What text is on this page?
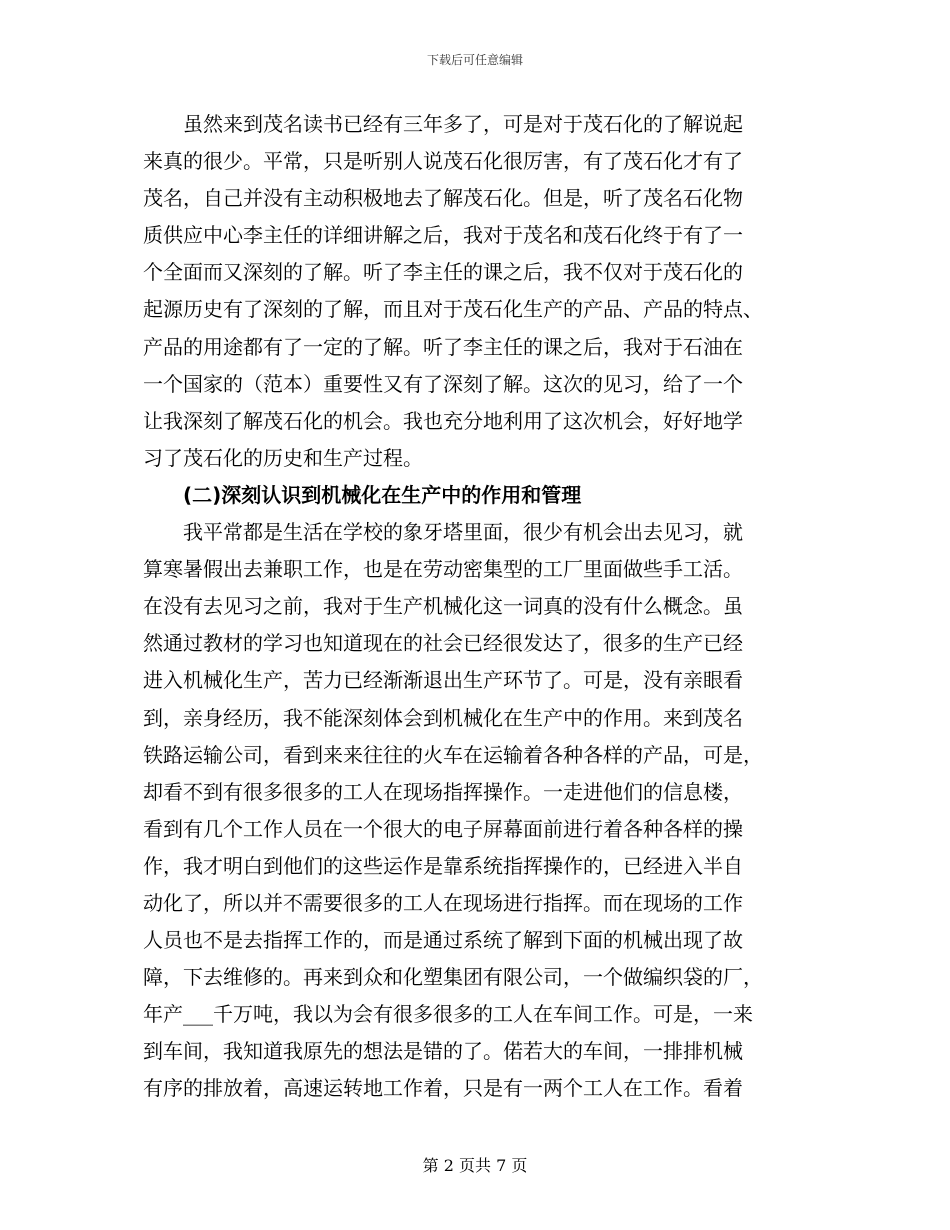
下载后可任意编辑
　　虽然来到茂名读书已经有三年多了，可是对于茂石化的了解说起
来真的很少。平常，只是听别人说茂石化很厉害，有了茂石化才有了
茂名，自己并没有主动积极地去了解茂石化。但是，听了茂名石化物
质供应中心李主任的详细讲解之后，我对于茂名和茂石化终于有了一
个全面而又深刻的了解。听了李主任的课之后，我不仅对于茂石化的
起源历史有了深刻的了解，而且对于茂石化生产的产品、产品的特点、
产品的用途都有了一定的了解。听了李主任的课之后，我对于石油在
一个国家的（范本）重要性又有了深刻了解。这次的见习，给了一个
让我深刻了解茂石化的机会。我也充分地利用了这次机会，好好地学
习了茂石化的历史和生产过程。
　　(二)深刻认识到机械化在生产中的作用和管理
　　我平常都是生活在学校的象牙塔里面，很少有机会出去见习，就
算寒暑假出去兼职工作，也是在劳动密集型的工厂里面做些手工活。
在没有去见习之前，我对于生产机械化这一词真的没有什么概念。虽
然通过教材的学习也知道现在的社会已经很发达了，很多的生产已经
进入机械化生产，苦力已经渐渐退出生产环节了。可是，没有亲眼看
到，亲身经历，我不能深刻体会到机械化在生产中的作用。来到茂名
铁路运输公司，看到来来往往的火车在运输着各种各样的产品，可是，
却看不到有很多很多的工人在现场指挥操作。一走进他们的信息楼，
看到有几个工作人员在一个很大的电子屏幕面前进行着各种各样的操
作，我才明白到他们的这些运作是靠系统指挥操作的，已经进入半自
动化了，所以并不需要很多的工人在现场进行指挥。而在现场的工作
人员也不是去指挥工作的，而是通过系统了解到下面的机械出现了故
障，下去维修的。再来到众和化塑集团有限公司，一个做编织袋的厂，
年产___千万吨，我以为会有很多很多的工人在车间工作。可是，一来
到车间，我知道我原先的想法是错的了。偌若大的车间，一排排机械
有序的排放着，高速运转地工作着，只是有一两个工人在工作。看着
第 2 页共 7 页
